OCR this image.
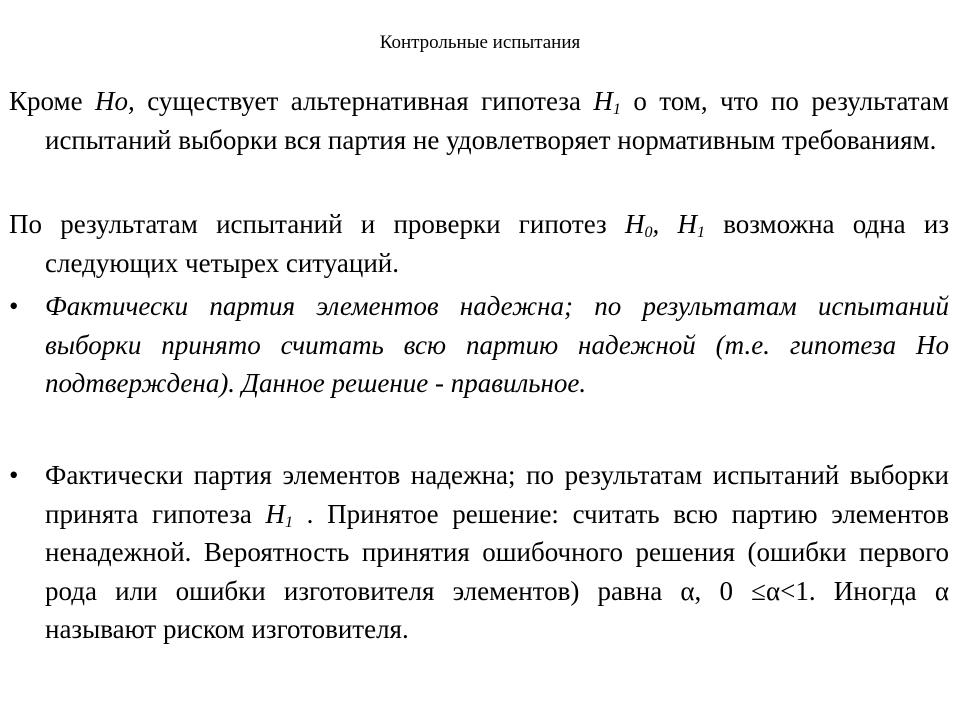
Контрольные испытания
Кроме Но, существует альтернативная гипотеза $Н_1$ о том, что по результатам испытаний выборки вся партия не удовлетворяет нормативным требованиям.
По результатам испытаний и проверки гипотез $Н_0$, $Н_1$ возможна одна из следующих четырех ситуаций.
• Фактически партия элементов надежна; по результатам испытаний выборки принято считать всю партию надежной (т.е. гипотеза Но подтверждена). Данное решение - правильное.
• Фактически партия элементов надежна; по результатам испытаний выборки принята гипотеза $Н_1$ . Принятое решение: считать всю партию элементов ненадежной. Вероятность принятия ошибочного решения (ошибки первого рода или ошибки изготовителя элементов) равна α, 0 ≤α<1. Иногда α называют риском изготовителя.
